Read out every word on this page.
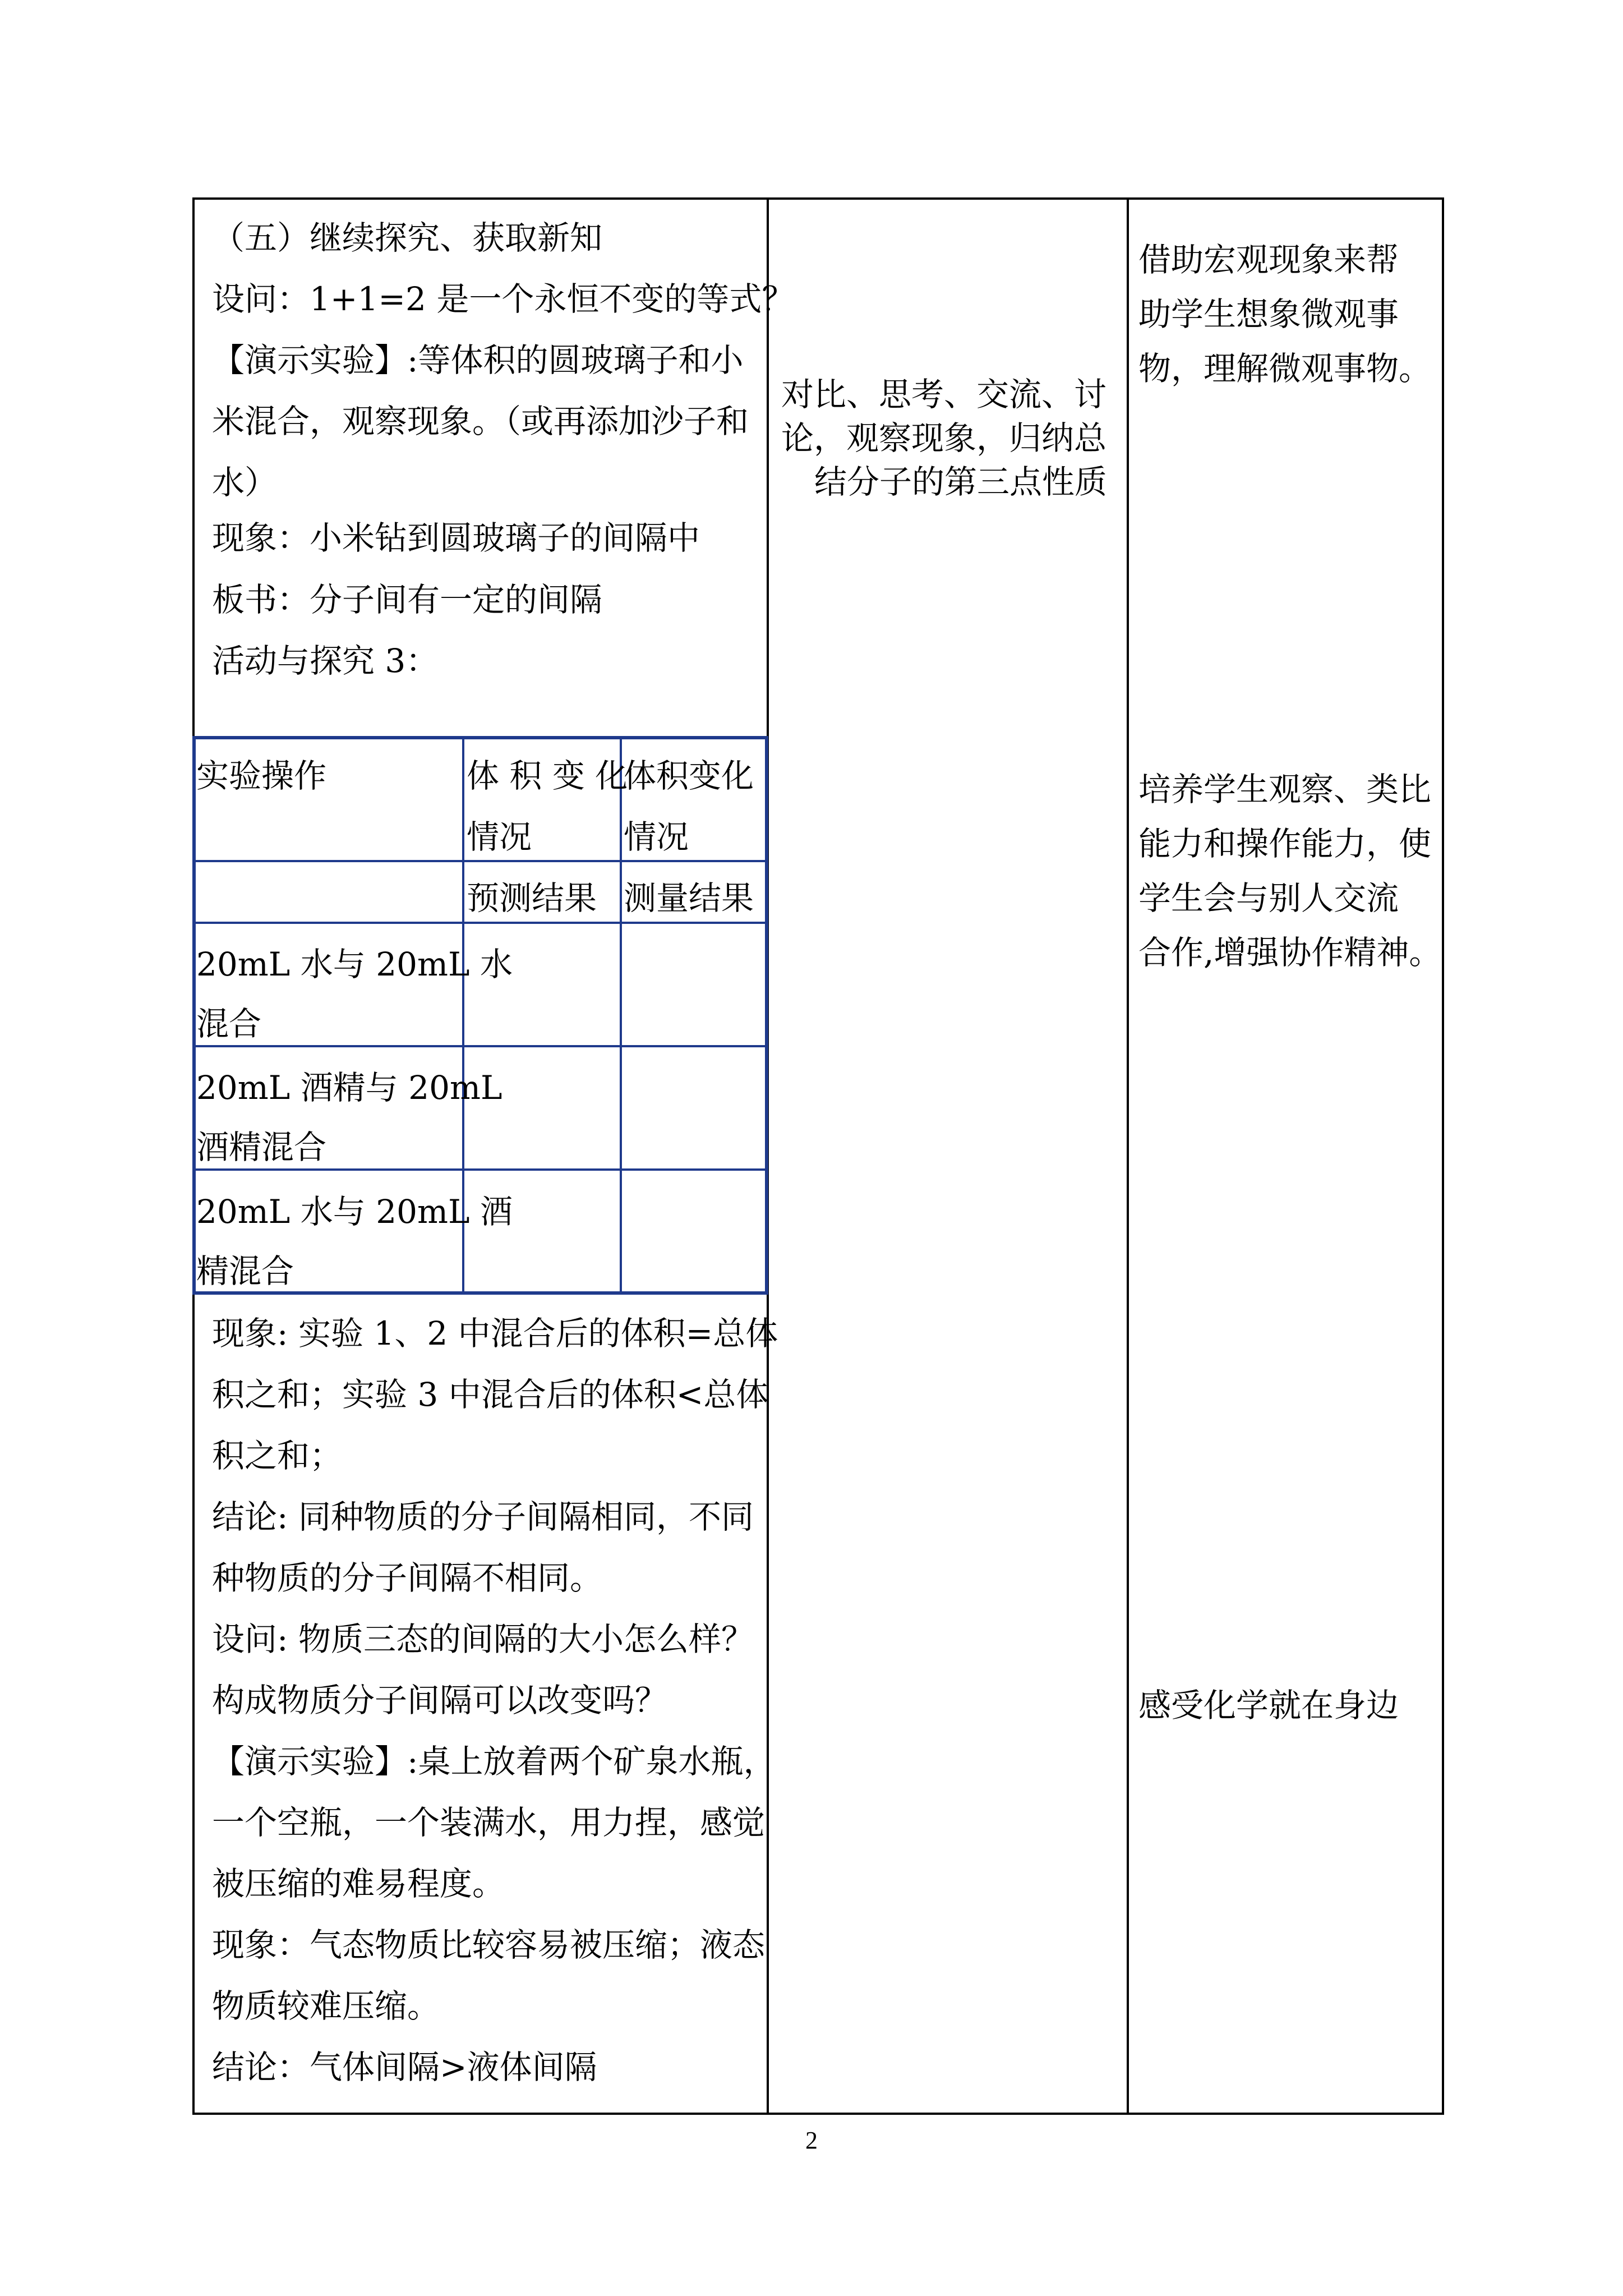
（五）继续探究、获取新知
设问：1+1=2 是一个永恒不变的等式？
【演示实验】:等体积的圆玻璃子和小
米混合，观察现象。（或再添加沙子和
水）
现象：小米钻到圆玻璃子的间隔中
板书：分子间有一定的间隔
活动与探究 3：
实验操作	体 积 变 化
体积变化
情况	情况
预测结果 测量结果
20mL 水与 20mL 水
混合
20mL 酒精与 20mL
酒精混合
20mL 水与 20mL 酒
精混合
现象: 实验 1、2 中混合后的体积=总体
积之和；实验 3 中混合后的体积<总体
积之和；
结论: 同种物质的分子间隔相同，不同
种物质的分子间隔不相同。
设问: 物质三态的间隔的大小怎么样？
构成物质分子间隔可以改变吗？
【演示实验】:桌上放着两个矿泉水瓶，
一个空瓶，一个装满水，用力捏，感觉
被压缩的难易程度。
现象：气态物质比较容易被压缩；液态
物质较难压缩。
结论：气体间隔>液体间隔
对比、思考、交流、讨
论，观察现象，归纳总
结分子的第三点性质
借助宏观现象来帮
助学生想象微观事
物，理解微观事物。
培养学生观察、类比
能力和操作能力，使
学生会与别人交流
合作,增强协作精神。
感受化学就在身边
2
